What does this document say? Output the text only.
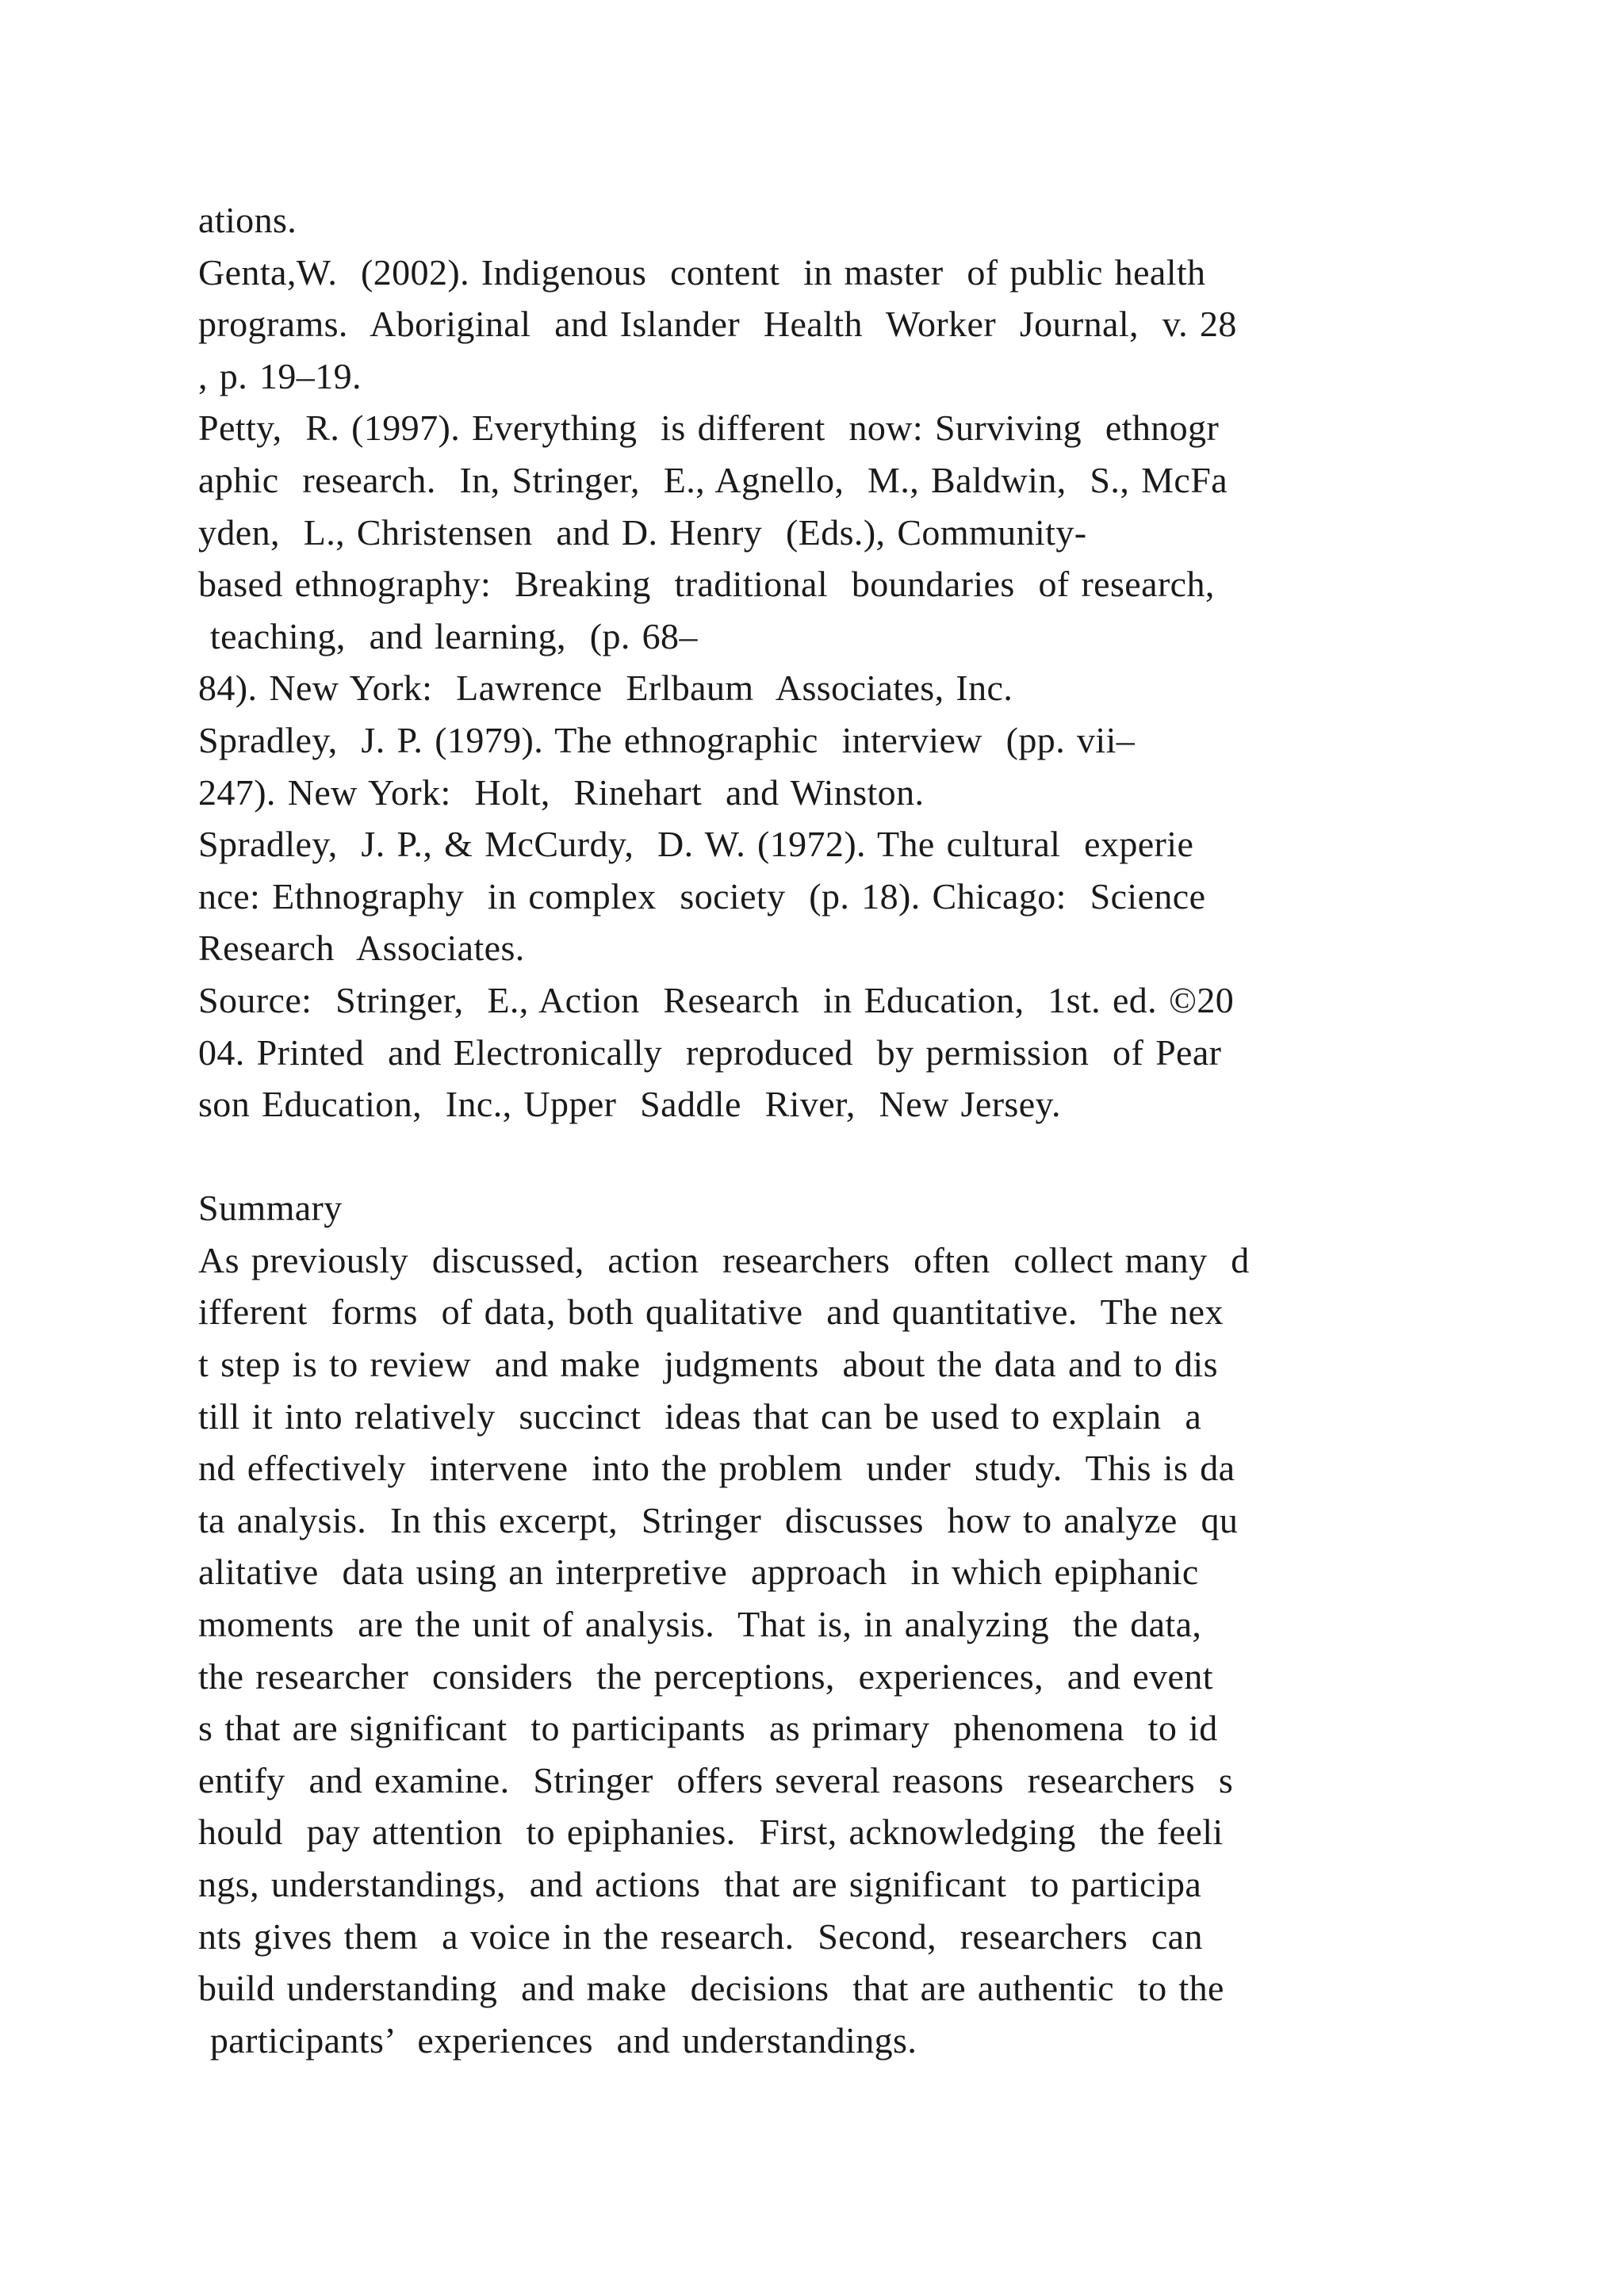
ations.
Genta,W.  (2002). Indigenous  content  in master  of public health
programs.  Aboriginal  and Islander  Health  Worker  Journal,  v. 28
, p. 19–19.
Petty,  R. (1997). Everything  is different  now: Surviving  ethnogr
aphic  research.  In, Stringer,  E., Agnello,  M., Baldwin,  S., McFa
yden,  L., Christensen  and D. Henry  (Eds.), Community-
based ethnography:  Breaking  traditional  boundaries  of research,
teaching,  and learning,  (p. 68–
84). New York:  Lawrence  Erlbaum  Associates, Inc.
Spradley,  J. P. (1979). The ethnographic  interview  (pp. vii–
247). New York:  Holt,  Rinehart  and Winston.
Spradley,  J. P., & McCurdy,  D. W. (1972). The cultural  experie
nce: Ethnography  in complex  society  (p. 18). Chicago:  Science
Research  Associates.
Source:  Stringer,  E., Action  Research  in Education,  1st. ed. ©20
04. Printed  and Electronically  reproduced  by permission  of Pear
son Education,  Inc., Upper  Saddle  River,  New Jersey.
Summary
As previously  discussed,  action  researchers  often  collect many  d
ifferent  forms  of data, both qualitative  and quantitative.  The nex
t step is to review  and make  judgments  about the data and to dis
till it into relatively  succinct  ideas that can be used to explain  a
nd effectively  intervene  into the problem  under  study.  This is da
ta analysis.  In this excerpt,  Stringer  discusses  how to analyze  qu
alitative  data using an interpretive  approach  in which epiphanic
moments  are the unit of analysis.  That is, in analyzing  the data,
the researcher  considers  the perceptions,  experiences,  and event
s that are significant  to participants  as primary  phenomena  to id
entify  and examine.  Stringer  offers several reasons  researchers  s
hould  pay attention  to epiphanies.  First, acknowledging  the feeli
ngs, understandings,  and actions  that are significant  to participa
nts gives them  a voice in the research.  Second,  researchers  can
build understanding  and make  decisions  that are authentic  to the
participants’  experiences  and understandings.
